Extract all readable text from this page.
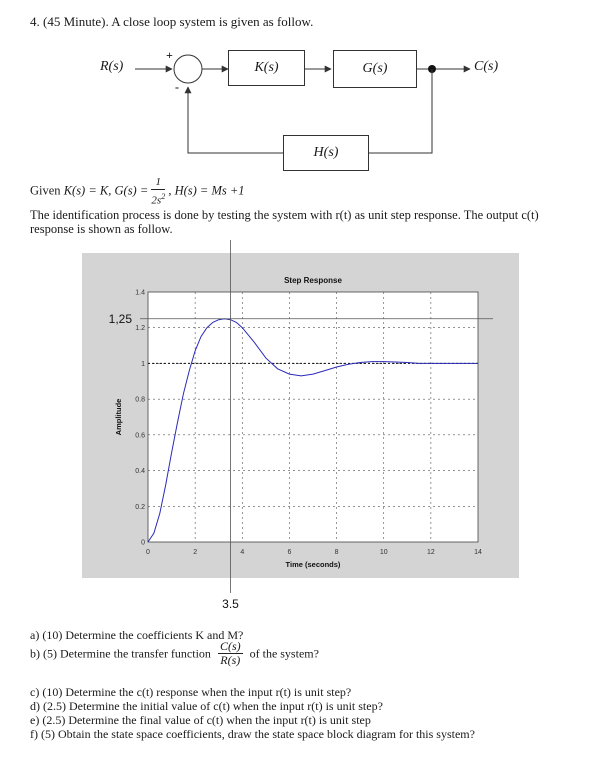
4. (45 Minute). A close loop system is given as follow.
R(s)	C(s)
+
-
K(s)	G(s)
H(s)
Given K(s) = K, $G(s) = \frac{1}{2s^2}$ , H(s) = Ms +1
The identification process is done by testing the system with r(t) as unit step response. The output c(t) response is shown as follow.
0	2	4	6	8	10	12	14
0
0.2
0.4
0.6
0.8
1
1.2
1.4
Step Response
Time (seconds)
Amplitude
1,25
3.5
a) (10) Determine the coefficients K and M?
b) (5) Determine the transfer function $\frac{C(s)}{R(s)}$ of the system?
c) (10) Determine the c(t) response when the input r(t) is unit step?
d) (2.5) Determine the initial value of c(t) when the input r(t) is unit step?
e) (2.5) Determine the final value of c(t) when the input r(t) is unit step
f) (5) Obtain the state space coefficients, draw the state space block diagram for this system?
